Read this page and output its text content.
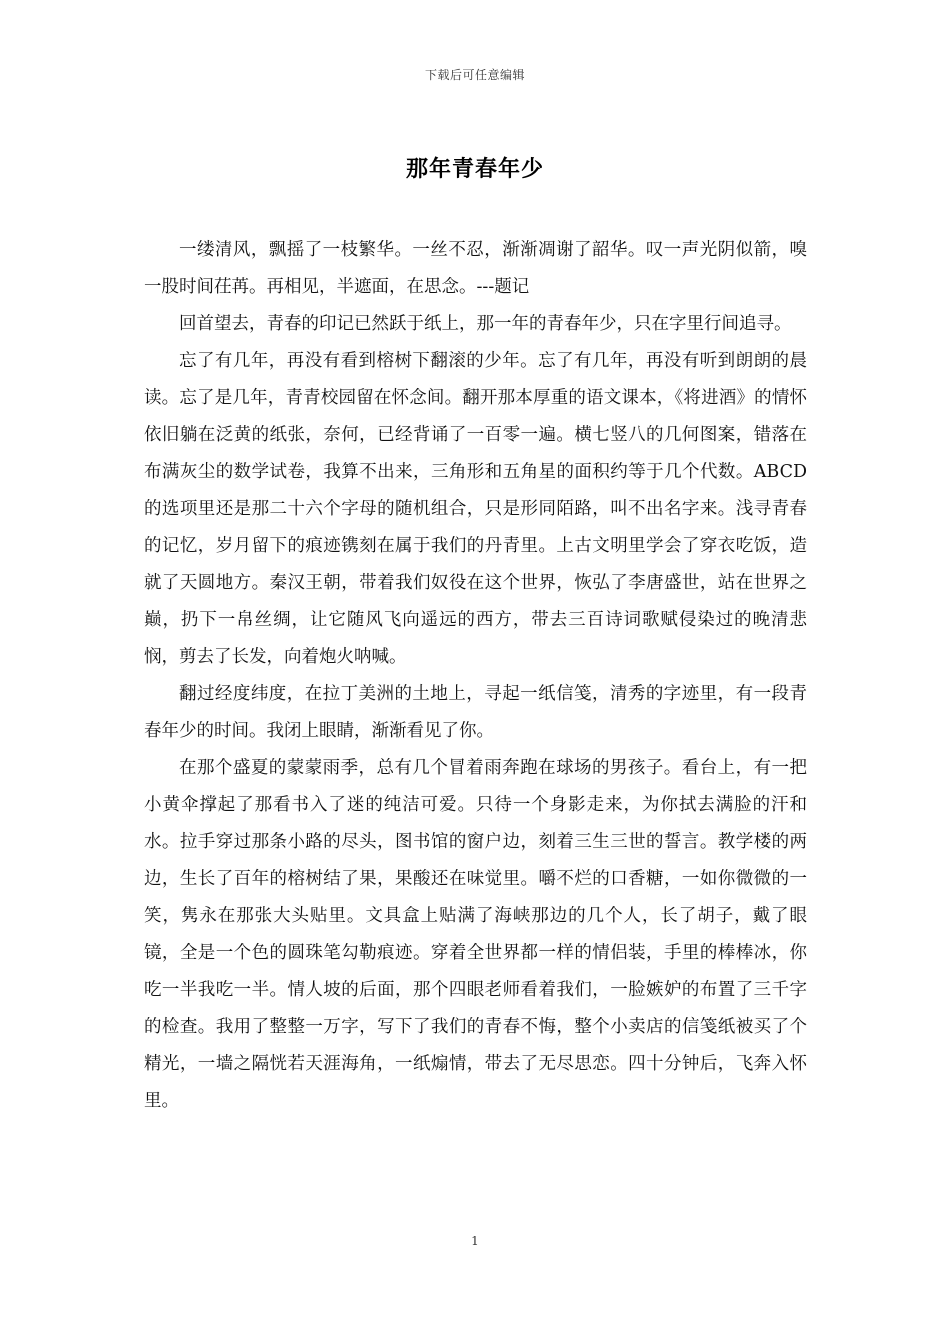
下载后可任意编辑
那年青春年少

一缕清风，飘摇了一枝繁华。一丝不忍，渐渐凋谢了韶华。叹一声光阴似箭，嗅一股时间茌苒。再相见，半遮面，在思念。---题记

回首望去，青春的印记已然跃于纸上，那一年的青春年少，只在字里行间追寻。

忘了有几年，再没有看到榕树下翻滚的少年。忘了有几年，再没有听到朗朗的晨读。忘了是几年，青青校园留在怀念间。翻开那本厚重的语文课本，《将进酒》的情怀依旧躺在泛黄的纸张，奈何，已经背诵了一百零一遍。横七竖八的几何图案，错落在布满灰尘的数学试卷，我算不出来，三角形和五角星的面积约等于几个代数。ABCD的选项里还是那二十六个字母的随机组合，只是形同陌路，叫不出名字来。浅寻青春的记忆，岁月留下的痕迹镌刻在属于我们的丹青里。上古文明里学会了穿衣吃饭，造就了天圆地方。秦汉王朝，带着我们奴役在这个世界，恢弘了李唐盛世，站在世界之巅，扔下一帛丝绸，让它随风飞向遥远的西方，带去三百诗词歌赋侵染过的晚清悲悯，剪去了长发，向着炮火呐喊。

翻过经度纬度，在拉丁美洲的土地上，寻起一纸信笺，清秀的字迹里，有一段青春年少的时间。我闭上眼睛，渐渐看见了你。

在那个盛夏的蒙蒙雨季，总有几个冒着雨奔跑在球场的男孩子。看台上，有一把小黄伞撑起了那看书入了迷的纯洁可爱。只待一个身影走来，为你拭去满脸的汗和水。拉手穿过那条小路的尽头，图书馆的窗户边，刻着三生三世的誓言。教学楼的两边，生长了百年的榕树结了果，果酸还在味觉里。嚼不烂的口香糖，一如你微微的一笑，隽永在那张大头贴里。文具盒上贴满了海峡那边的几个人，长了胡子，戴了眼镜，全是一个色的圆珠笔勾勒痕迹。穿着全世界都一样的情侣装，手里的棒棒冰，你吃一半我吃一半。情人坡的后面，那个四眼老师看着我们，一脸嫉妒的布置了三千字的检查。我用了整整一万字，写下了我们的青春不悔，整个小卖店的信笺纸被买了个精光，一墙之隔恍若天涯海角，一纸煽情，带去了无尽思恋。四十分钟后，飞奔入怀里。

1
